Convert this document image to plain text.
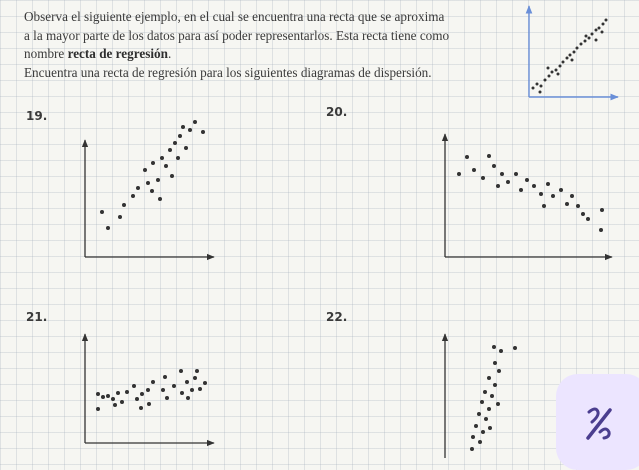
Observa el siguiente ejemplo, en el cual se encuentra una recta que se aproxima

a la mayor parte de los datos para así poder representarlos. Esta recta tiene como

nombre recta de regresión.

Encuentra una recta de regresión para los siguientes diagramas de dispersión.

19.	20.
21.	22.
